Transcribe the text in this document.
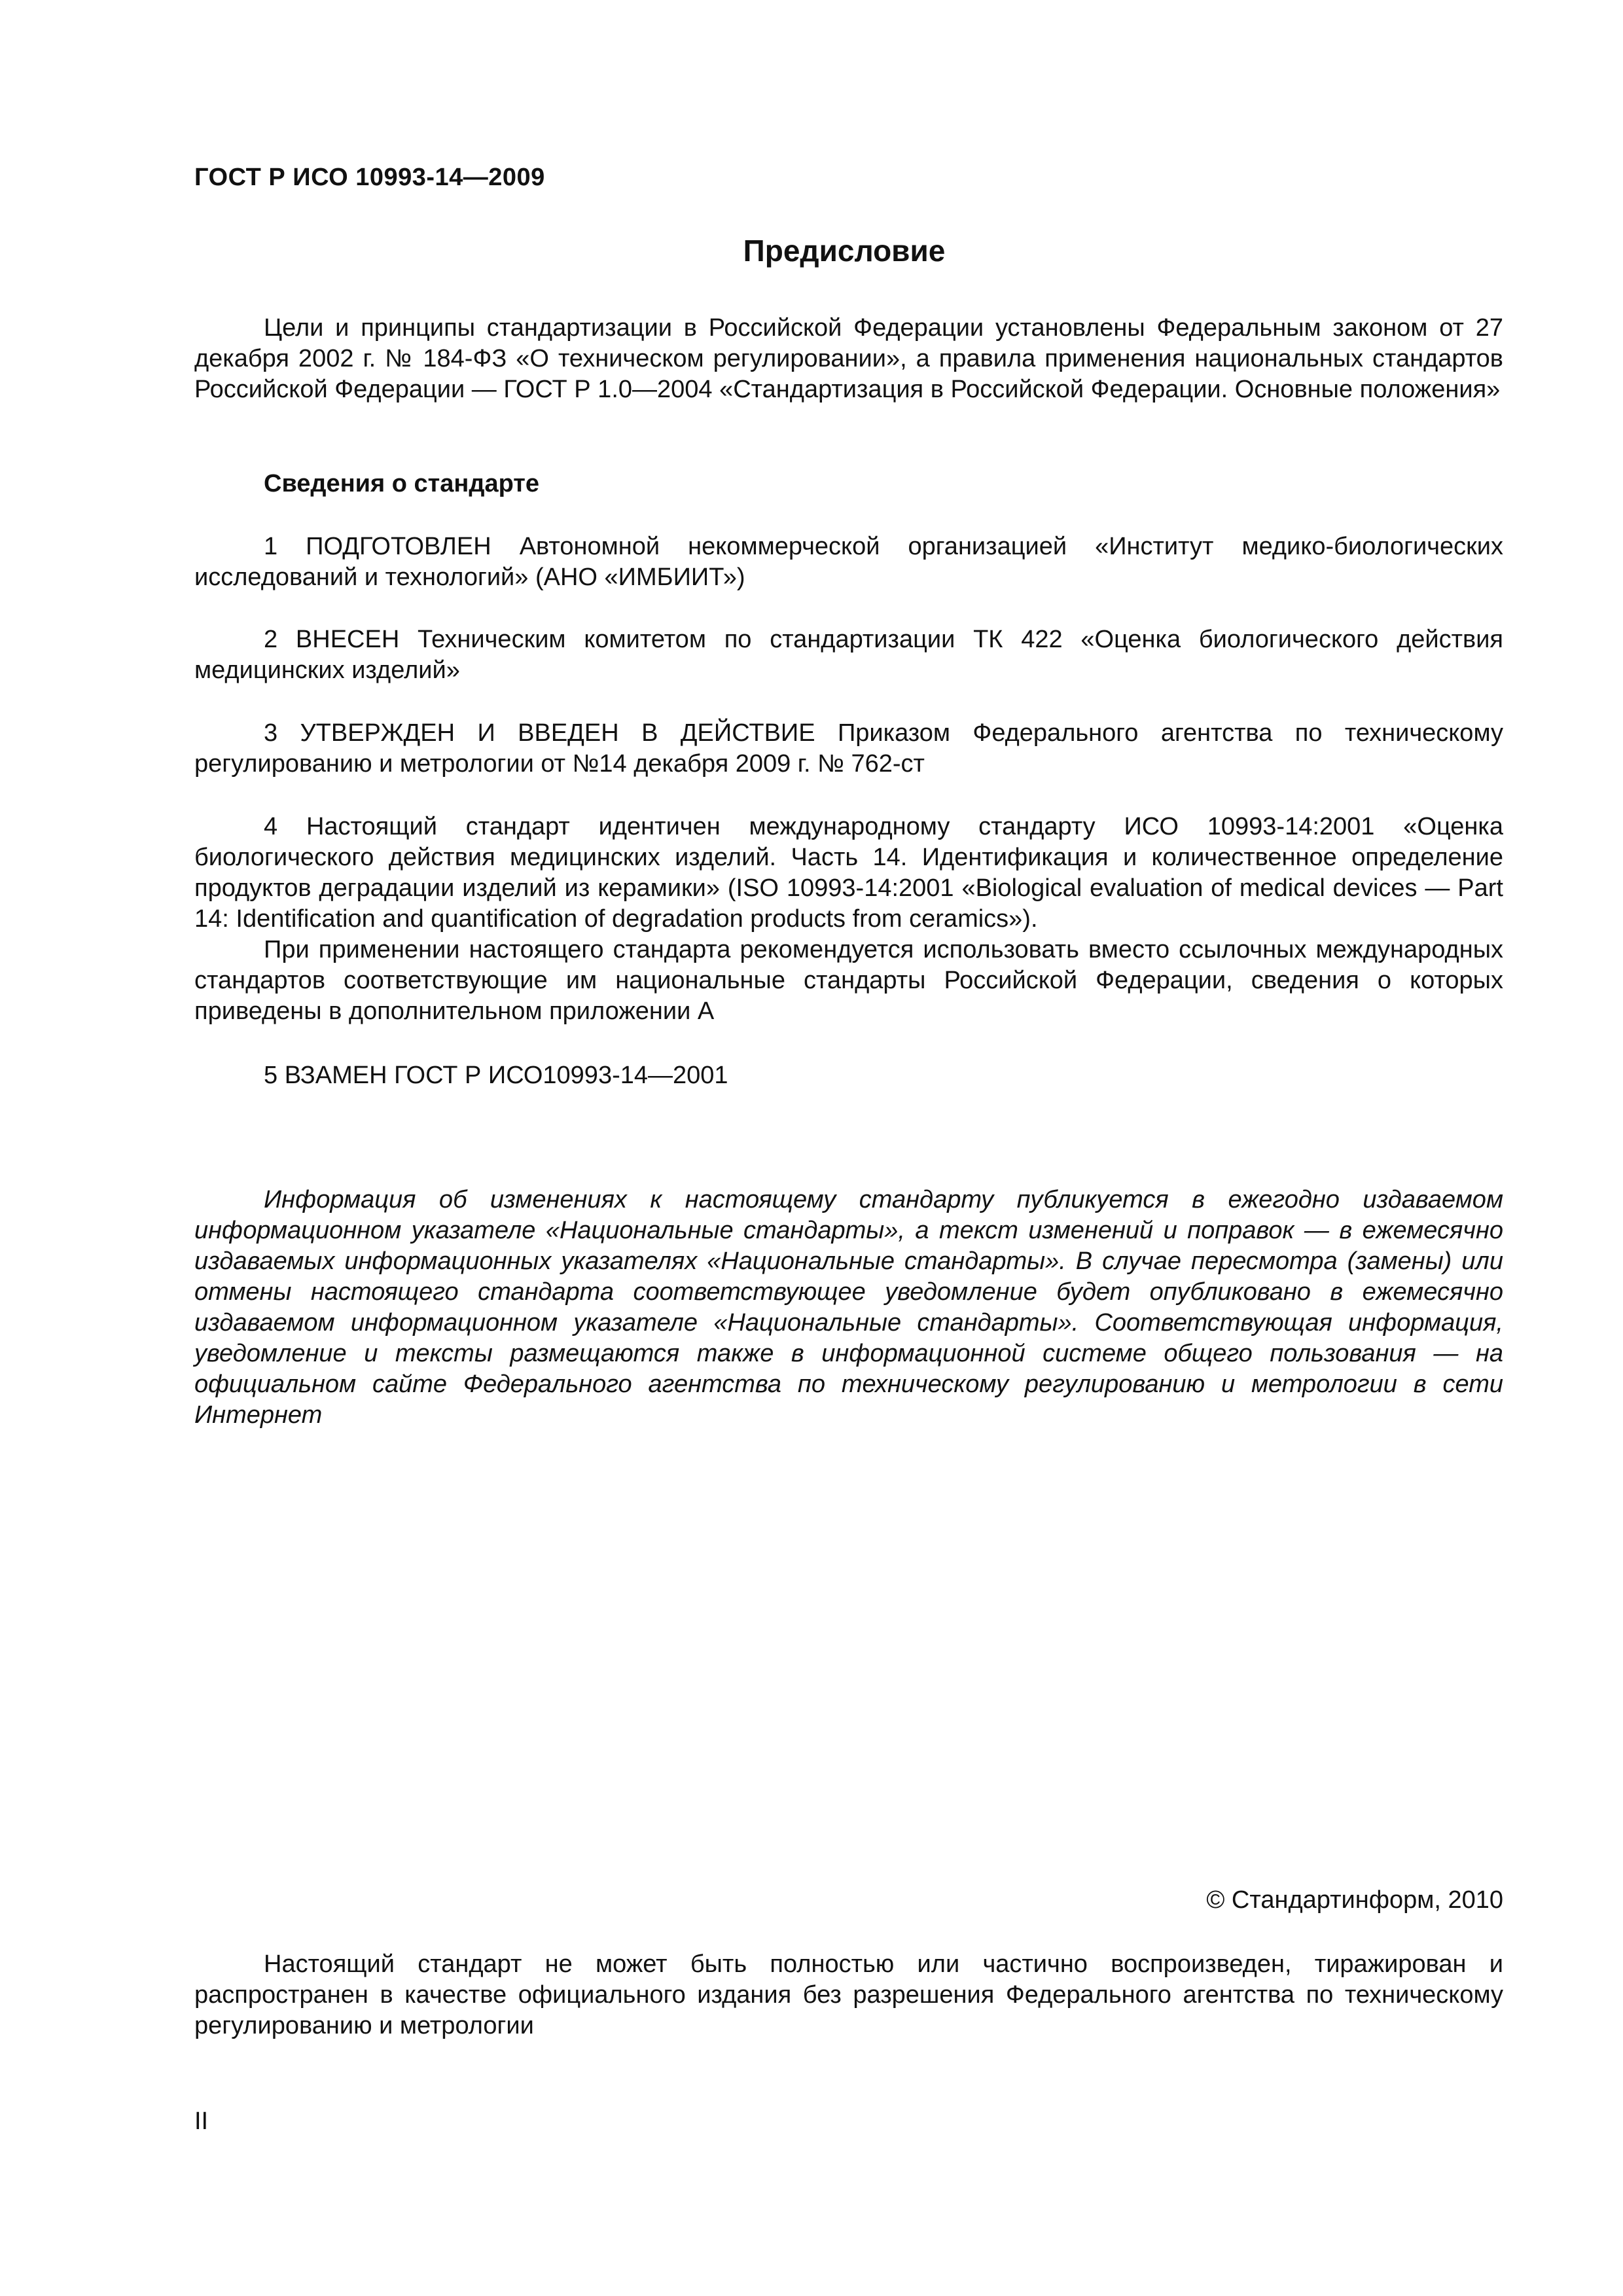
ГОСТ Р ИСО 10993-14—2009
Предисловие

Цели и принципы стандартизации в Российской Федерации установлены Федеральным законом от 27 декабря 2002 г. № 184-ФЗ «О техническом регулировании», а правила применения национальных стандартов Российской Федерации — ГОСТ Р 1.0—2004 «Стандартизация в Российской Федерации. Основные положения»

Сведения о стандарте

1 ПОДГОТОВЛЕН Автономной некоммерческой организацией «Институт медико-биологических исследований и технологий» (АНО «ИМБИИТ»)

2 ВНЕСЕН Техническим комитетом по стандартизации ТК 422 «Оценка биологического действия медицинских изделий»

3 УТВЕРЖДЕН И ВВЕДЕН В ДЕЙСТВИЕ Приказом Федерального агентства по техническому регулированию и метрологии от №14 декабря 2009 г. № 762-ст

4 Настоящий стандарт идентичен международному стандарту ИСО 10993-14:2001 «Оценка биологического действия медицинских изделий. Часть 14. Идентификация и количественное определение продуктов деградации изделий из керамики» (ISO 10993-14:2001 «Biological evaluation of medical devices — Part 14: Identification and quantification of degradation products from ceramics»).

При применении настоящего стандарта рекомендуется использовать вместо ссылочных международных стандартов соответствующие им национальные стандарты Российской Федерации, сведения о которых приведены в дополнительном приложении А

5 ВЗАМЕН ГОСТ Р ИСО10993-14—2001

Информация об изменениях к настоящему стандарту публикуется в ежегодно издаваемом информационном указателе «Национальные стандарты», а текст изменений и поправок — в ежемесячно издаваемых информационных указателях «Национальные стандарты». В случае пересмотра (замены) или отмены настоящего стандарта соответствующее уведомление будет опубликовано в ежемесячно издаваемом информационном указателе «Национальные стандарты». Соответствующая информация, уведомление и тексты размещаются также в информационной системе общего пользования — на официальном сайте Федерального агентства по техническому регулированию и метрологии в сети Интернет

© Стандартинформ, 2010

Настоящий стандарт не может быть полностью или частично воспроизведен, тиражирован и распространен в качестве официального издания без разрешения Федерального агентства по техническому регулированию и метрологии

II
